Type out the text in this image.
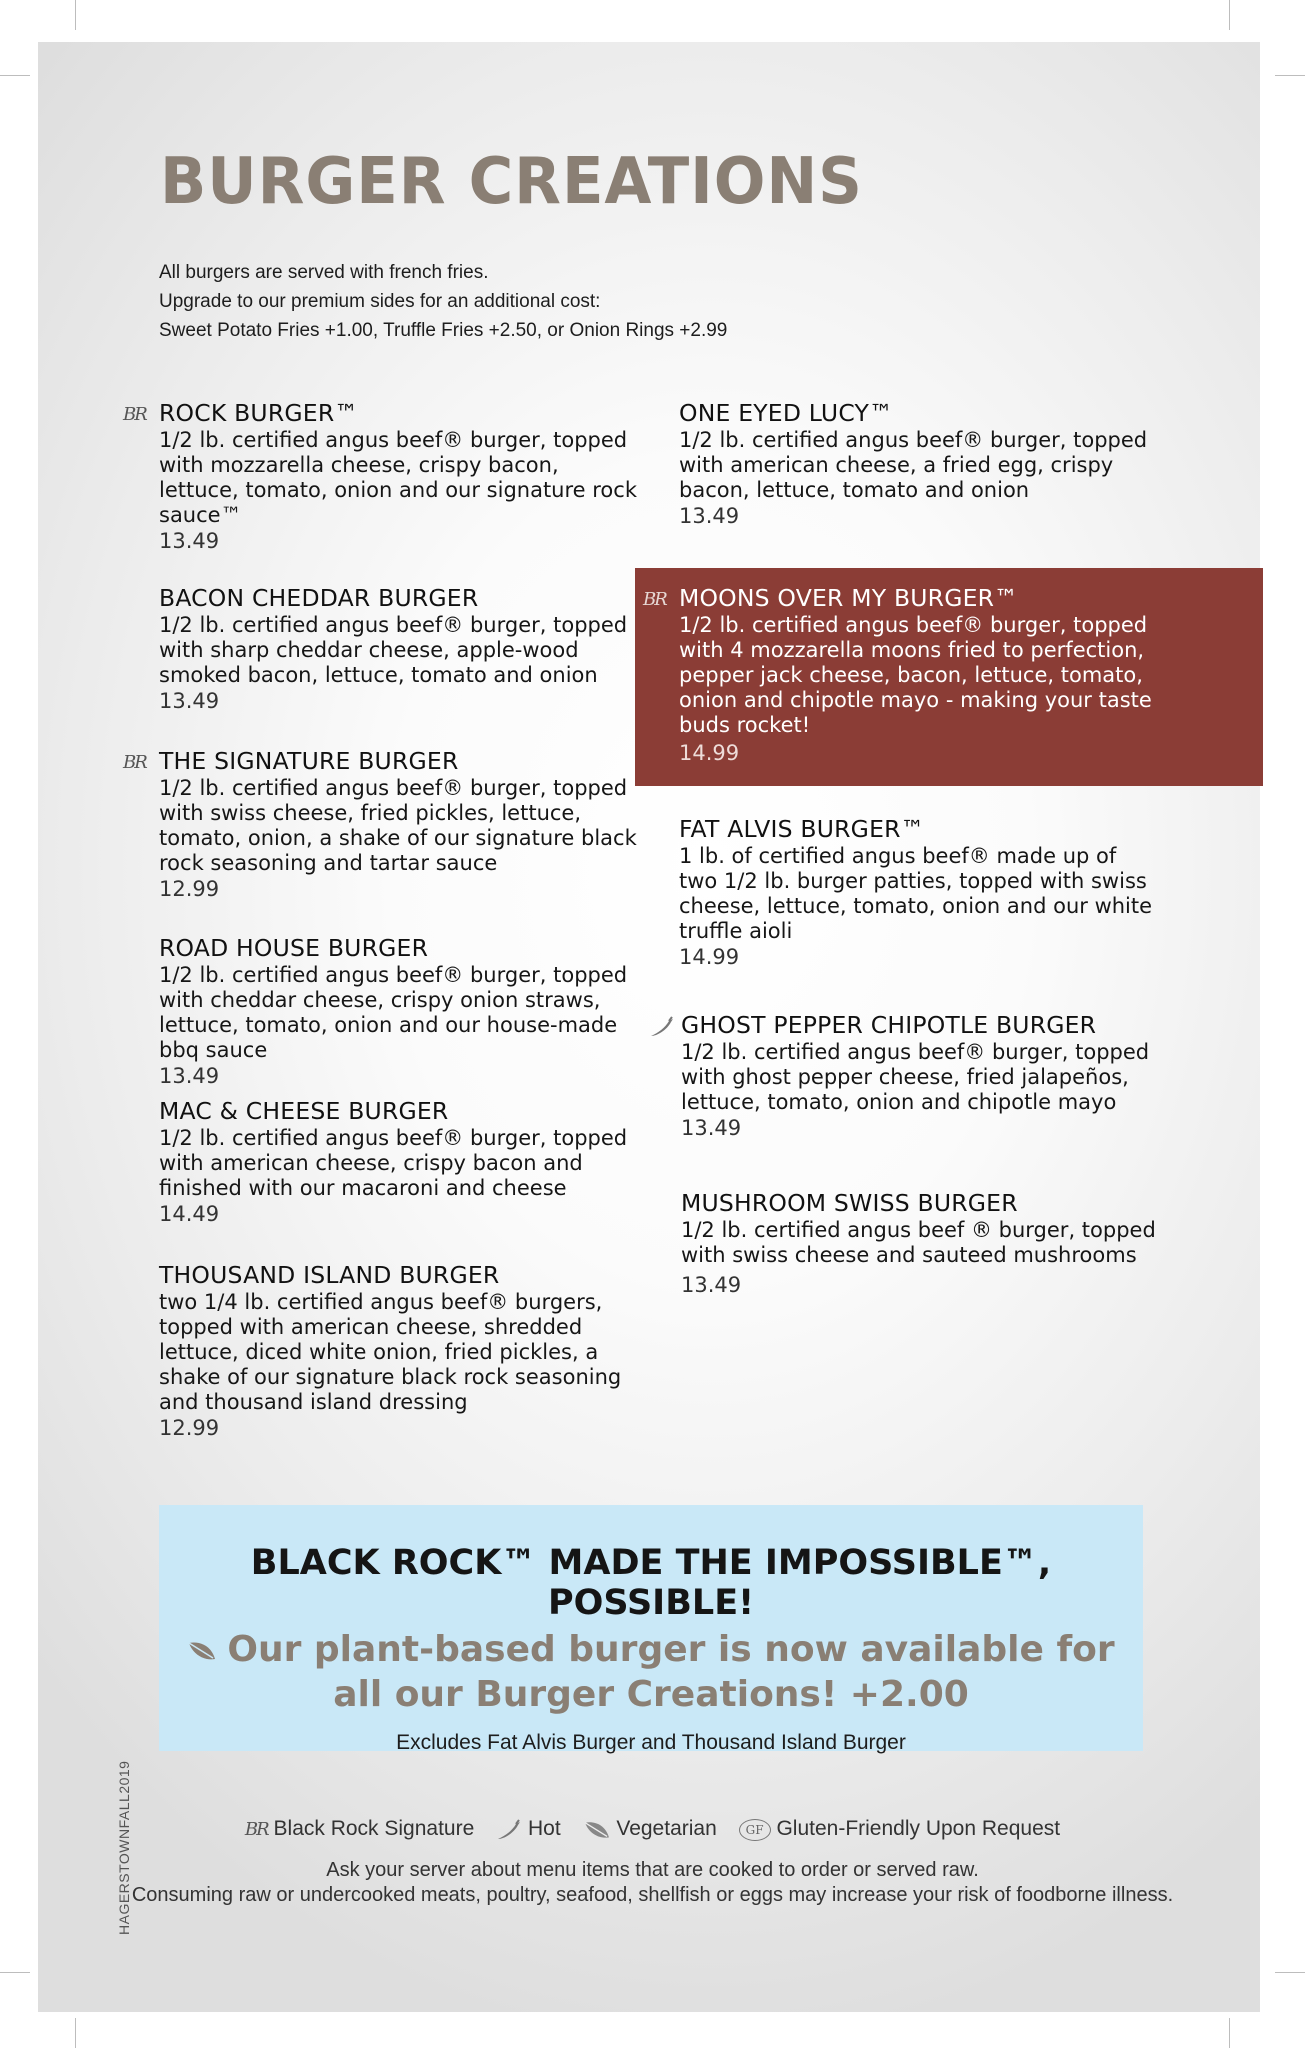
BURGER CREATIONS
All burgers are served with french fries.
Upgrade to our premium sides for an additional cost:
Sweet Potato Fries +1.00, Truffle Fries +2.50, or Onion Rings +2.99
BR ROCK BURGER™
1/2 lb. certified angus beef® burger, topped with mozzarella cheese, crispy bacon, lettuce, tomato, onion and our signature rock sauce™
13.49
BACON CHEDDAR BURGER
1/2 lb. certified angus beef® burger, topped with sharp cheddar cheese, apple-wood smoked bacon, lettuce, tomato and onion
13.49
BR THE SIGNATURE BURGER
1/2 lb. certified angus beef® burger, topped with swiss cheese, fried pickles, lettuce, tomato, onion, a shake of our signature black rock seasoning and tartar sauce
12.99
ROAD HOUSE BURGER
1/2 lb. certified angus beef® burger, topped with cheddar cheese, crispy onion straws, lettuce, tomato, onion and our house-made bbq sauce
13.49
MAC & CHEESE BURGER
1/2 lb. certified angus beef® burger, topped with american cheese, crispy bacon and finished with our macaroni and cheese
14.49
THOUSAND ISLAND BURGER
two 1/4 lb. certified angus beef® burgers, topped with american cheese, shredded lettuce, diced white onion, fried pickles, a shake of our signature black rock seasoning and thousand island dressing
12.99
ONE EYED LUCY™
1/2 lb. certified angus beef® burger, topped with american cheese, a fried egg, crispy bacon, lettuce, tomato and onion
13.49
BR MOONS OVER MY BURGER™
1/2 lb. certified angus beef® burger, topped with 4 mozzarella moons fried to perfection, pepper jack cheese, bacon, lettuce, tomato, onion and chipotle mayo - making your taste buds rocket!
14.99
FAT ALVIS BURGER™
1 lb. of certified angus beef® made up of two 1/2 lb. burger patties, topped with swiss cheese, lettuce, tomato, onion and our white truffle aioli
14.99
GHOST PEPPER CHIPOTLE BURGER
1/2 lb. certified angus beef® burger, topped with ghost pepper cheese, fried jalapeños, lettuce, tomato, onion and chipotle mayo
13.49
MUSHROOM SWISS BURGER
1/2 lb. certified angus beef ® burger, topped with swiss cheese and sauteed mushrooms
13.49
BLACK ROCK™ MADE THE IMPOSSIBLE™, POSSIBLE!
Our plant-based burger is now available for
all our Burger Creations! +2.00
Excludes Fat Alvis Burger and Thousand Island Burger
BR Black Rock Signature	Hot	Vegetarian GF Gluten-Friendly Upon Request
Ask your server about menu items that are cooked to order or served raw.
Consuming raw or undercooked meats, poultry, seafood, shellfish or eggs may increase your risk of foodborne illness.
HAGERSTOWNFALL2019
